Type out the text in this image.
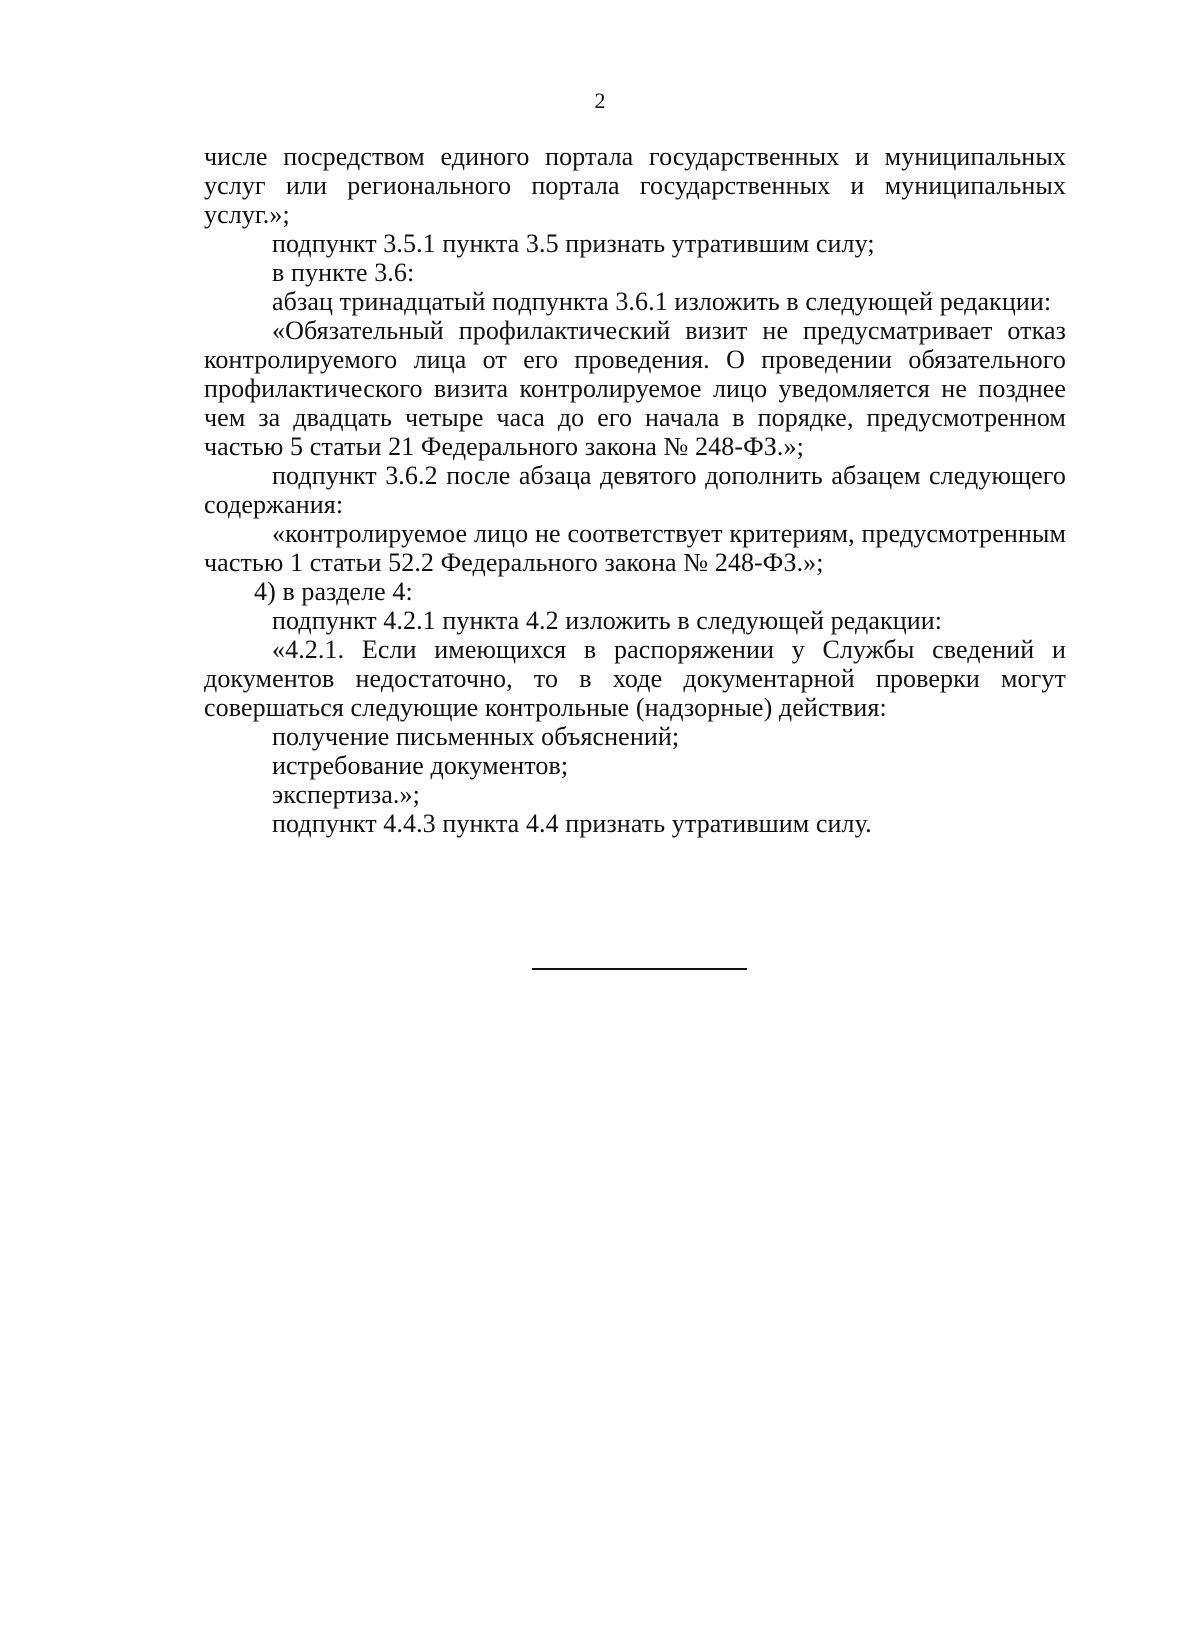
2

числе посредством единого портала государственных и муниципальных услуг или регионального портала государственных и муниципальных услуг.»;

подпункт 3.5.1 пункта 3.5 признать утратившим силу;

в пункте 3.6:

абзац тринадцатый подпункта 3.6.1 изложить в следующей редакции:

«Обязательный профилактический визит не предусматривает отказ контролируемого лица от его проведения. О проведении обязательного профилактического визита контролируемое лицо уведомляется не позднее чем за двадцать четыре часа до его начала в порядке, предусмотренном частью 5 статьи 21 Федерального закона № 248-ФЗ.»;

подпункт 3.6.2 после абзаца девятого дополнить абзацем следующего содержания:

«контролируемое лицо не соответствует критериям, предусмотренным частью 1 статьи 52.2 Федерального закона № 248-ФЗ.»;

4) в разделе 4:

подпункт 4.2.1 пункта 4.2 изложить в следующей редакции:

«4.2.1. Если имеющихся в распоряжении у Службы сведений и документов недостаточно, то в ходе документарной проверки могут совершаться следующие контрольные (надзорные) действия:

получение письменных объяснений;

истребование документов;

экспертиза.»;

подпункт 4.4.3 пункта 4.4 признать утратившим силу.
